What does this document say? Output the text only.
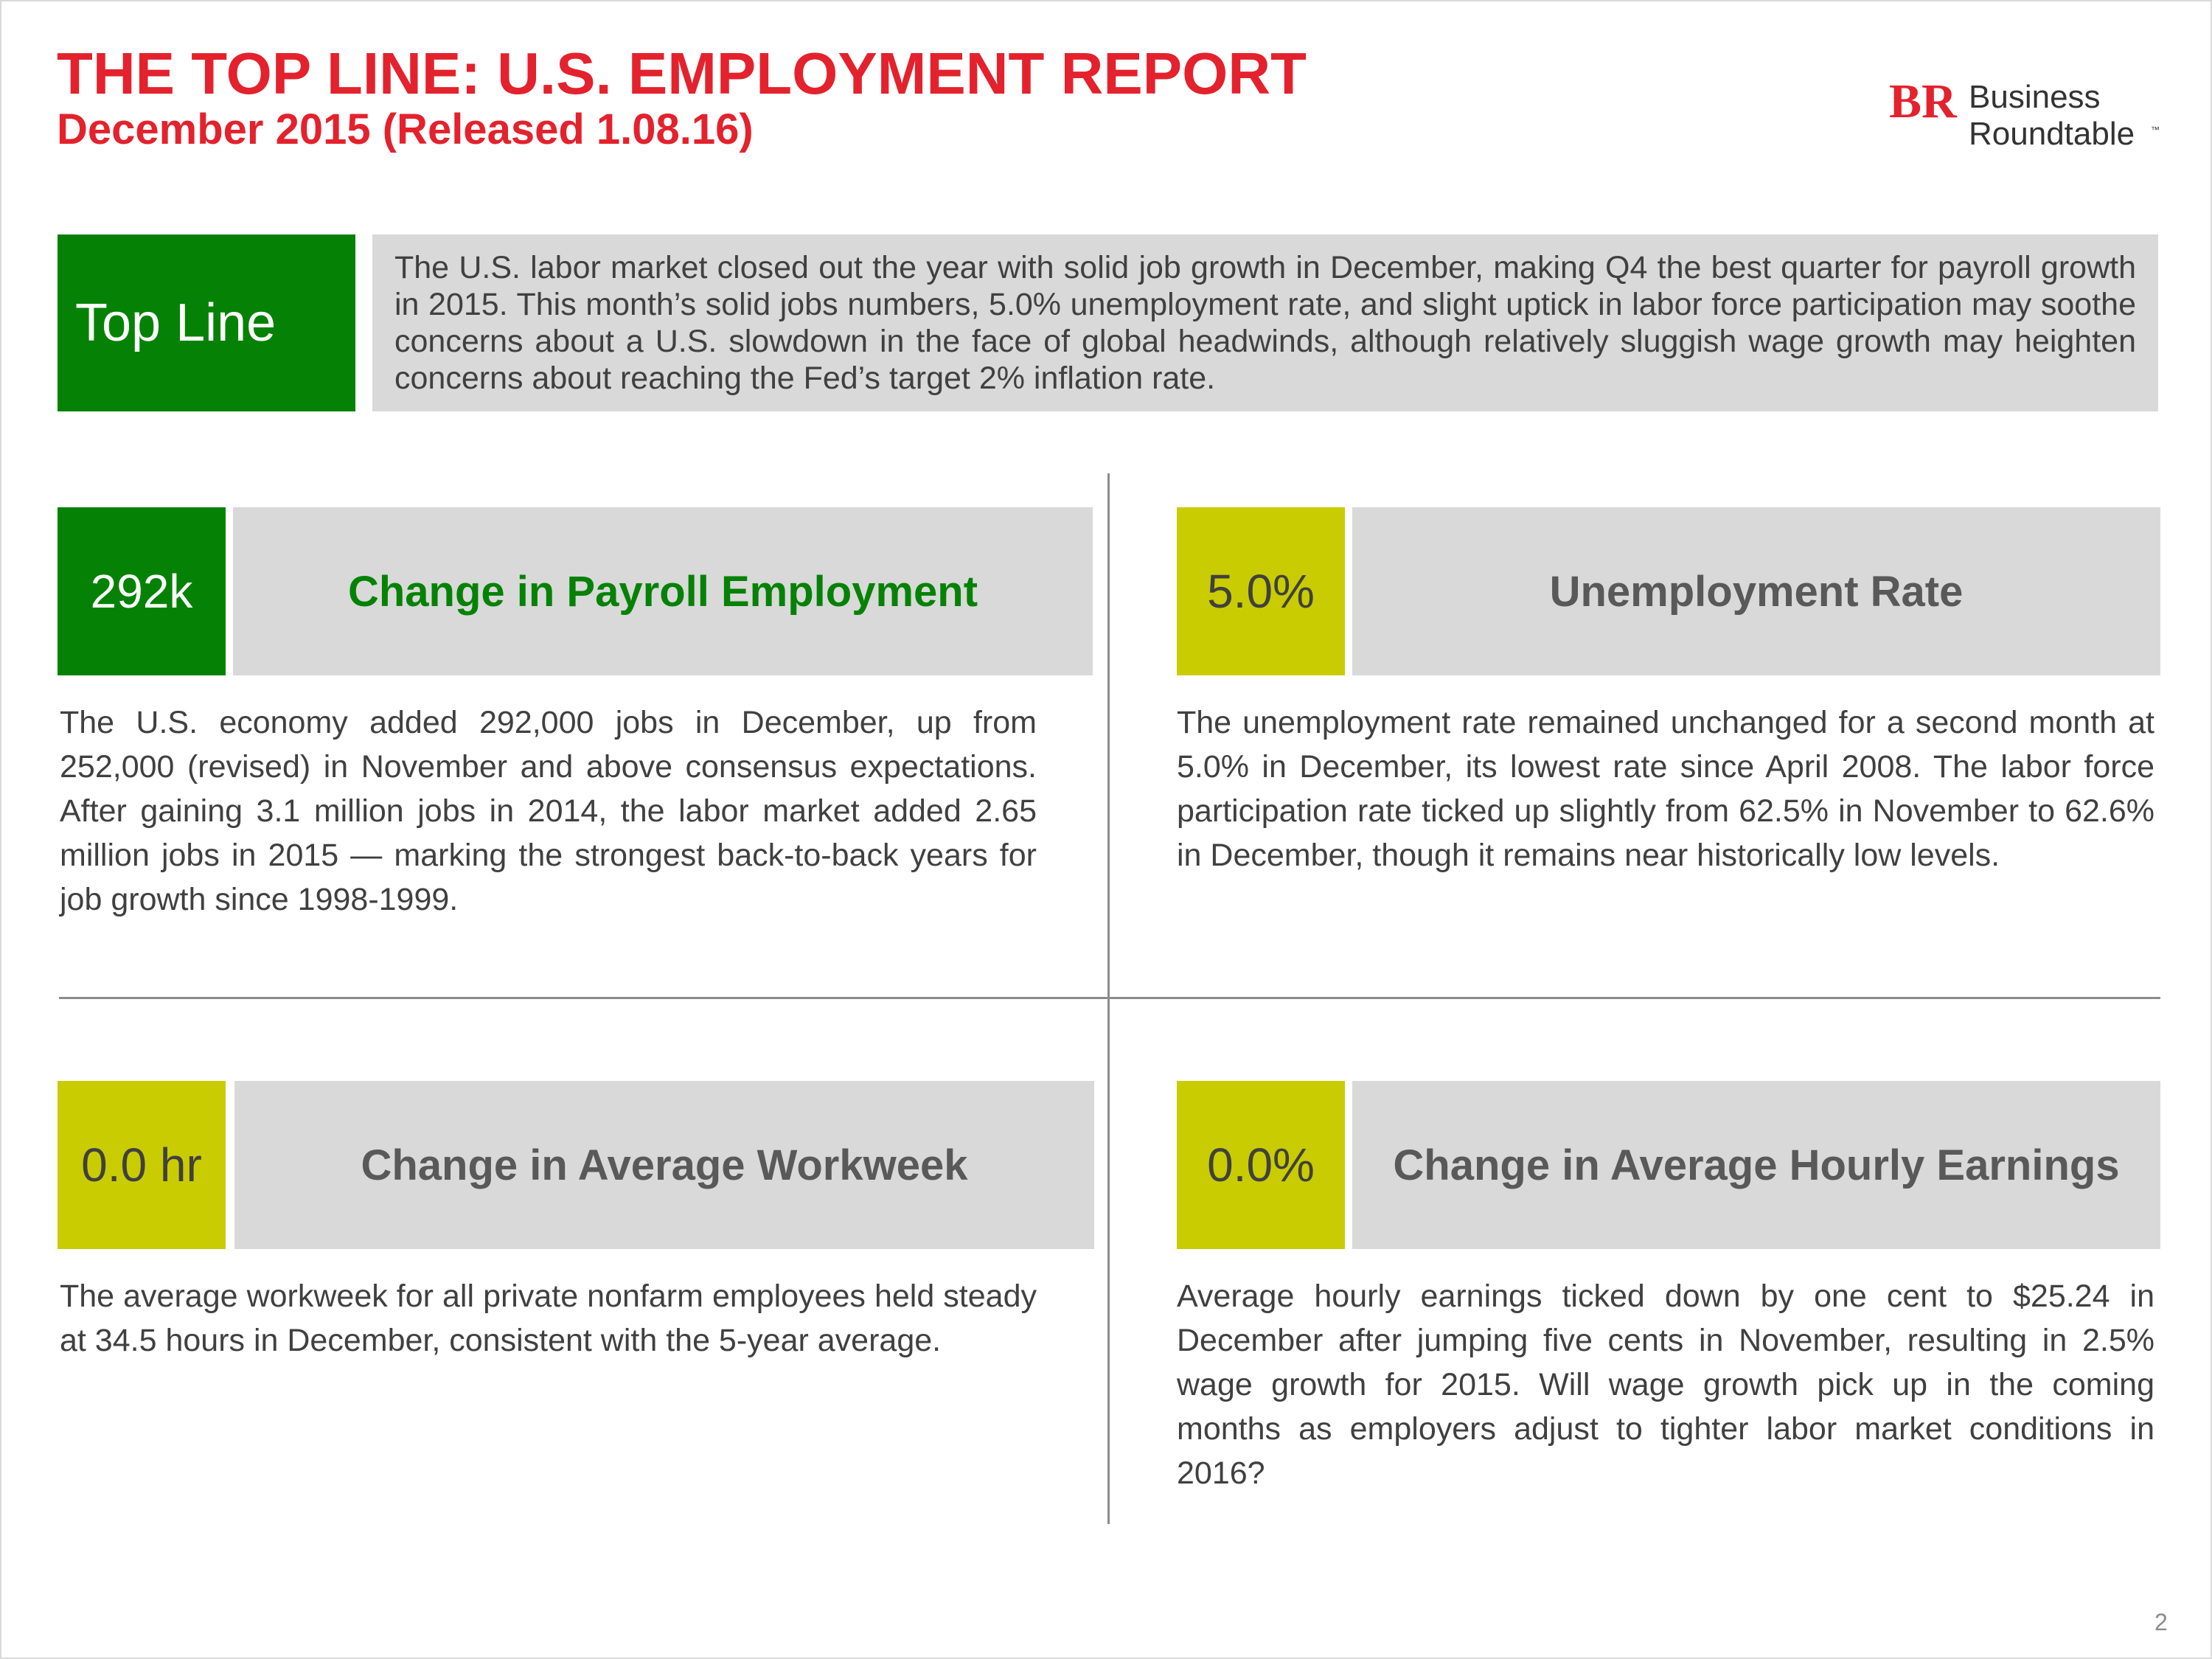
THE TOP LINE: U.S. EMPLOYMENT REPORT
December 2015 (Released 1.08.16)
BR Business
Roundtable ™
Top Line
The U.S. labor market closed out the year with solid job growth in December, making Q4 the best quarter for payroll growth in 2015. This month’s solid jobs numbers, 5.0% unemployment rate, and slight uptick in labor force participation may soothe concerns about a U.S. slowdown in the face of global headwinds, although relatively sluggish wage growth may heighten concerns about reaching the Fed’s target 2% inflation rate.
292k	Change in Payroll Employment
The U.S. economy added 292,000 jobs in December, up from 252,000 (revised) in November and above consensus expectations. After gaining 3.1 million jobs in 2014, the labor market added 2.65 million jobs in 2015 — marking the strongest back-to-back years for job growth since 1998-1999.
5.0%	Unemployment Rate
The unemployment rate remained unchanged for a second month at 5.0% in December, its lowest rate since April 2008. The labor force participation rate ticked up slightly from 62.5% in November to 62.6% in December, though it remains near historically low levels.
0.0 hr	Change in Average Workweek
The average workweek for all private nonfarm employees held steady at 34.5 hours in December, consistent with the 5-year average.
0.0%	Change in Average Hourly Earnings
Average hourly earnings ticked down by one cent to $25.24 in December after jumping five cents in November, resulting in 2.5% wage growth for 2015. Will wage growth pick up in the coming months as employers adjust to tighter labor market conditions in 2016?
2
